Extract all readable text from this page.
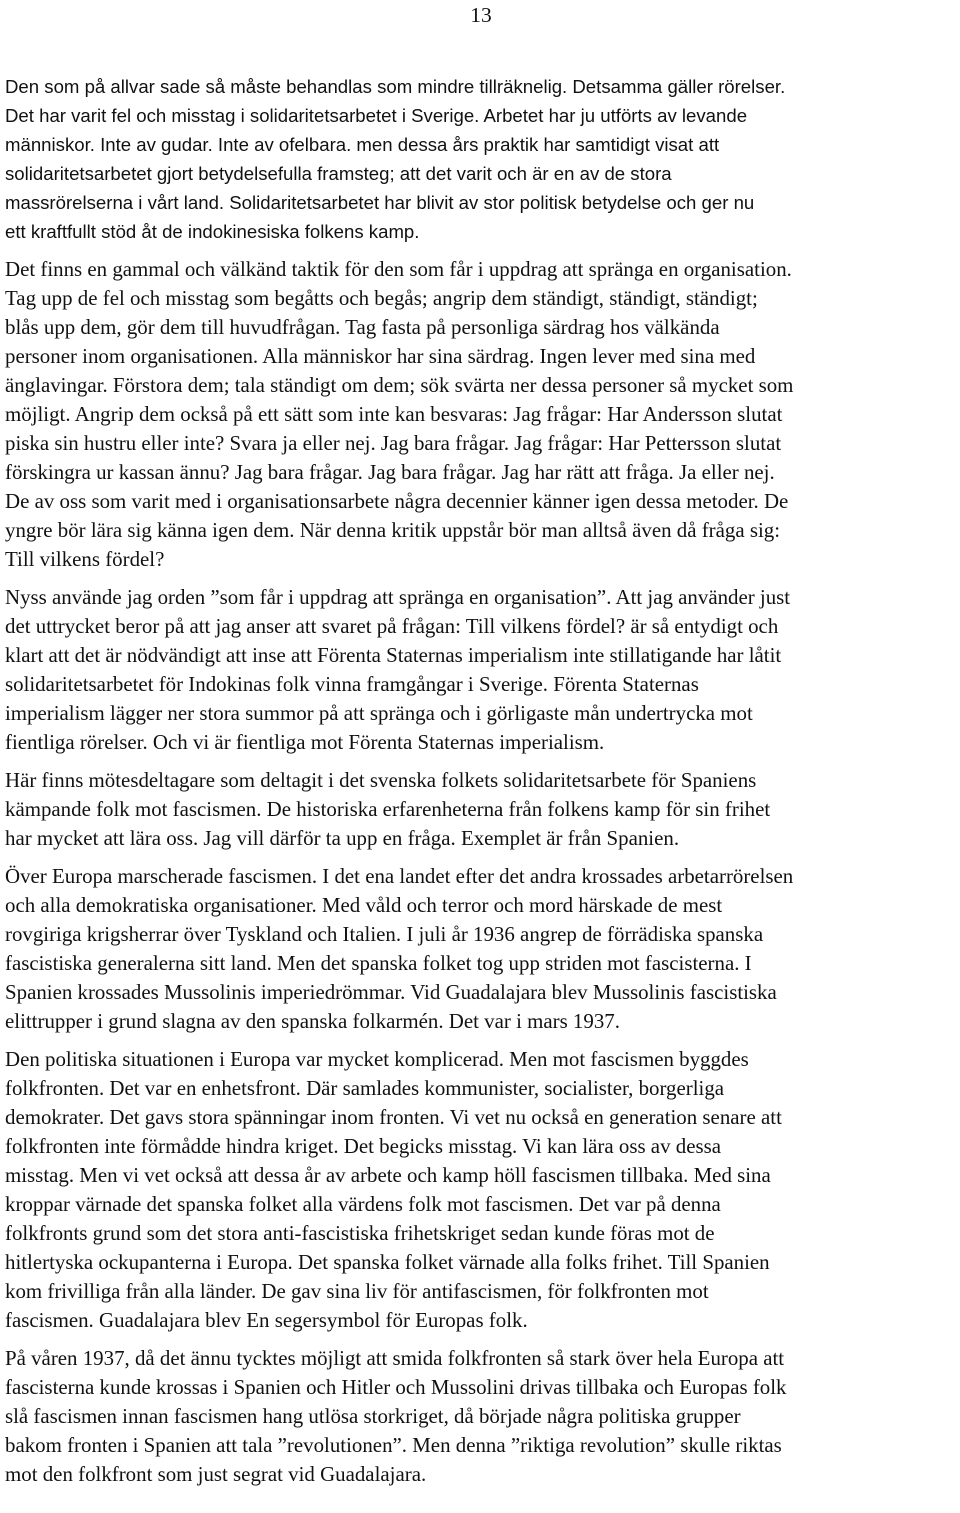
13

Den som på allvar sade så måste behandlas som mindre tillräknelig. Detsamma gäller rörelser.
Det har varit fel och misstag i solidaritetsarbetet i Sverige. Arbetet har ju utförts av levande
människor. Inte av gudar. Inte av ofelbara. men dessa års praktik har samtidigt visat att
solidaritetsarbetet gjort betydelsefulla framsteg; att det varit och är en av de stora
massrörelserna i vårt land. Solidaritetsarbetet har blivit av stor politisk betydelse och ger nu
ett kraftfullt stöd åt de indokinesiska folkens kamp.

Det finns en gammal och välkänd taktik för den som får i uppdrag att spränga en organisation.
Tag upp de fel och misstag som begåtts och begås; angrip dem ständigt, ständigt, ständigt;
blås upp dem, gör dem till huvudfrågan. Tag fasta på personliga särdrag hos välkända
personer inom organisationen. Alla människor har sina särdrag. Ingen lever med sina med
änglavingar. Förstora dem; tala ständigt om dem; sök svärta ner dessa personer så mycket som
möjligt. Angrip dem också på ett sätt som inte kan besvaras: Jag frågar: Har Andersson slutat
piska sin hustru eller inte? Svara ja eller nej. Jag bara frågar. Jag frågar: Har Pettersson slutat
förskingra ur kassan ännu? Jag bara frågar. Jag bara frågar. Jag har rätt att fråga. Ja eller nej.
De av oss som varit med i organisationsarbete några decennier känner igen dessa metoder. De
yngre bör lära sig känna igen dem. När denna kritik uppstår bör man alltså även då fråga sig:
Till vilkens fördel?

Nyss använde jag orden ”som får i uppdrag att spränga en organisation”. Att jag använder just
det uttrycket beror på att jag anser att svaret på frågan: Till vilkens fördel? är så entydigt och
klart att det är nödvändigt att inse att Förenta Staternas imperialism inte stillatigande har låtit
solidaritetsarbetet för Indokinas folk vinna framgångar i Sverige. Förenta Staternas
imperialism lägger ner stora summor på att spränga och i görligaste mån undertrycka mot
fientliga rörelser. Och vi är fientliga mot Förenta Staternas imperialism.

Här finns mötesdeltagare som deltagit i det svenska folkets solidaritetsarbete för Spaniens
kämpande folk mot fascismen. De historiska erfarenheterna från folkens kamp för sin frihet
har mycket att lära oss. Jag vill därför ta upp en fråga. Exemplet är från Spanien.

Över Europa marscherade fascismen. I det ena landet efter det andra krossades arbetarrörelsen
och alla demokratiska organisationer. Med våld och terror och mord härskade de mest
rovgiriga krigsherrar över Tyskland och Italien. I juli år 1936 angrep de förrädiska spanska
fascistiska generalerna sitt land. Men det spanska folket tog upp striden mot fascisterna. I
Spanien krossades Mussolinis imperiedrömmar. Vid Guadalajara blev Mussolinis fascistiska
elittrupper i grund slagna av den spanska folkarmén. Det var i mars 1937.

Den politiska situationen i Europa var mycket komplicerad. Men mot fascismen byggdes
folkfronten. Det var en enhetsfront. Där samlades kommunister, socialister, borgerliga
demokrater. Det gavs stora spänningar inom fronten. Vi vet nu också en generation senare att
folkfronten inte förmådde hindra kriget. Det begicks misstag. Vi kan lära oss av dessa
misstag. Men vi vet också att dessa år av arbete och kamp höll fascismen tillbaka. Med sina
kroppar värnade det spanska folket alla värdens folk mot fascismen. Det var på denna
folkfronts grund som det stora anti-fascistiska frihetskriget sedan kunde föras mot de
hitlertyska ockupanterna i Europa. Det spanska folket värnade alla folks frihet. Till Spanien
kom frivilliga från alla länder. De gav sina liv för antifascismen, för folkfronten mot
fascismen. Guadalajara blev En segersymbol för Europas folk.

På våren 1937, då det ännu tycktes möjligt att smida folkfronten så stark över hela Europa att
fascisterna kunde krossas i Spanien och Hitler och Mussolini drivas tillbaka och Europas folk
slå fascismen innan fascismen hang utlösa storkriget, då började några politiska grupper
bakom fronten i Spanien att tala ”revolutionen”. Men denna ”riktiga revolution” skulle riktas
mot den folkfront som just segrat vid Guadalajara.
